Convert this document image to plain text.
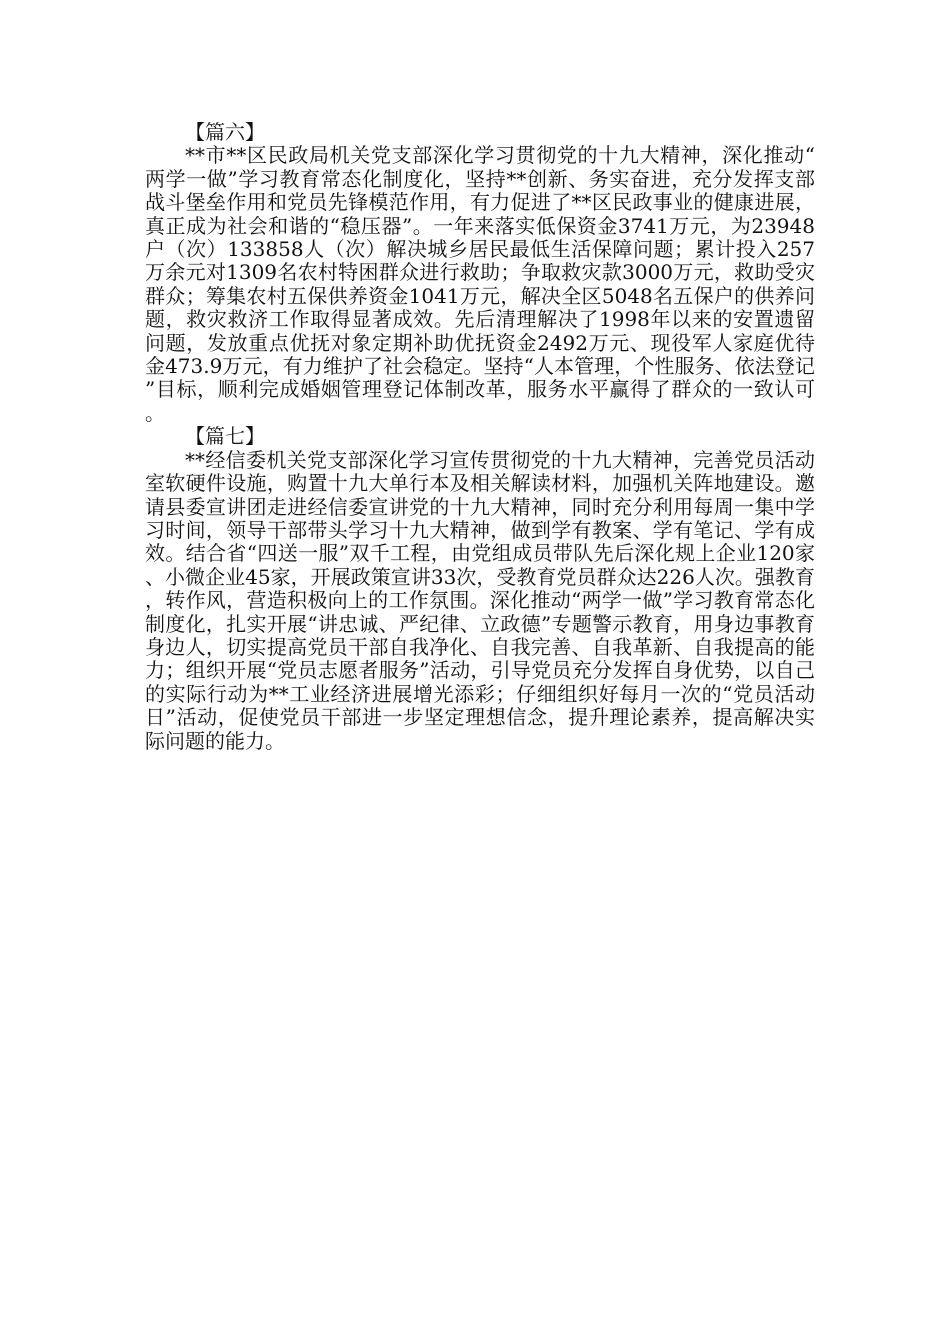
【篇六】

**市**区民政局机关党支部深化学习贯彻党的十九大精神，深化推动“两学一做”学习教育常态化制度化，坚持**创新、务实奋进，充分发挥支部战斗堡垒作用和党员先锋模范作用，有力促进了**区民政事业的健康进展，真正成为社会和谐的“稳压器”。一年来落实低保资金3741万元，为23948户（次）133858人（次）解决城乡居民最低生活保障问题；累计投入257万余元对1309名农村特困群众进行救助；争取救灾款3000万元，救助受灾群众；筹集农村五保供养资金1041万元，解决全区5048名五保户的供养问题，救灾救济工作取得显著成效。先后清理解决了1998年以来的安置遗留问题，发放重点优抚对象定期补助优抚资金2492万元、现役军人家庭优待金473.9万元，有力维护了社会稳定。坚持“人本管理，个性服务、依法登记”目标，顺利完成婚姻管理登记体制改革，服务水平赢得了群众的一致认可。

【篇七】

**经信委机关党支部深化学习宣传贯彻党的十九大精神，完善党员活动室软硬件设施，购置十九大单行本及相关解读材料，加强机关阵地建设。邀请县委宣讲团走进经信委宣讲党的十九大精神，同时充分利用每周一集中学习时间，领导干部带头学习十九大精神，做到学有教案、学有笔记、学有成效。结合省“四送一服”双千工程，由党组成员带队先后深化规上企业120家、小微企业45家，开展政策宣讲33次，受教育党员群众达226人次。强教育，转作风，营造积极向上的工作氛围。深化推动“两学一做”学习教育常态化制度化，扎实开展“讲忠诚、严纪律、立政德”专题警示教育，用身边事教育身边人，切实提高党员干部自我净化、自我完善、自我革新、自我提高的能力；组织开展“党员志愿者服务”活动，引导党员充分发挥自身优势，以自己的实际行动为**工业经济进展增光添彩；仔细组织好每月一次的“党员活动日”活动，促使党员干部进一步坚定理想信念，提升理论素养，提高解决实际问题的能力。
